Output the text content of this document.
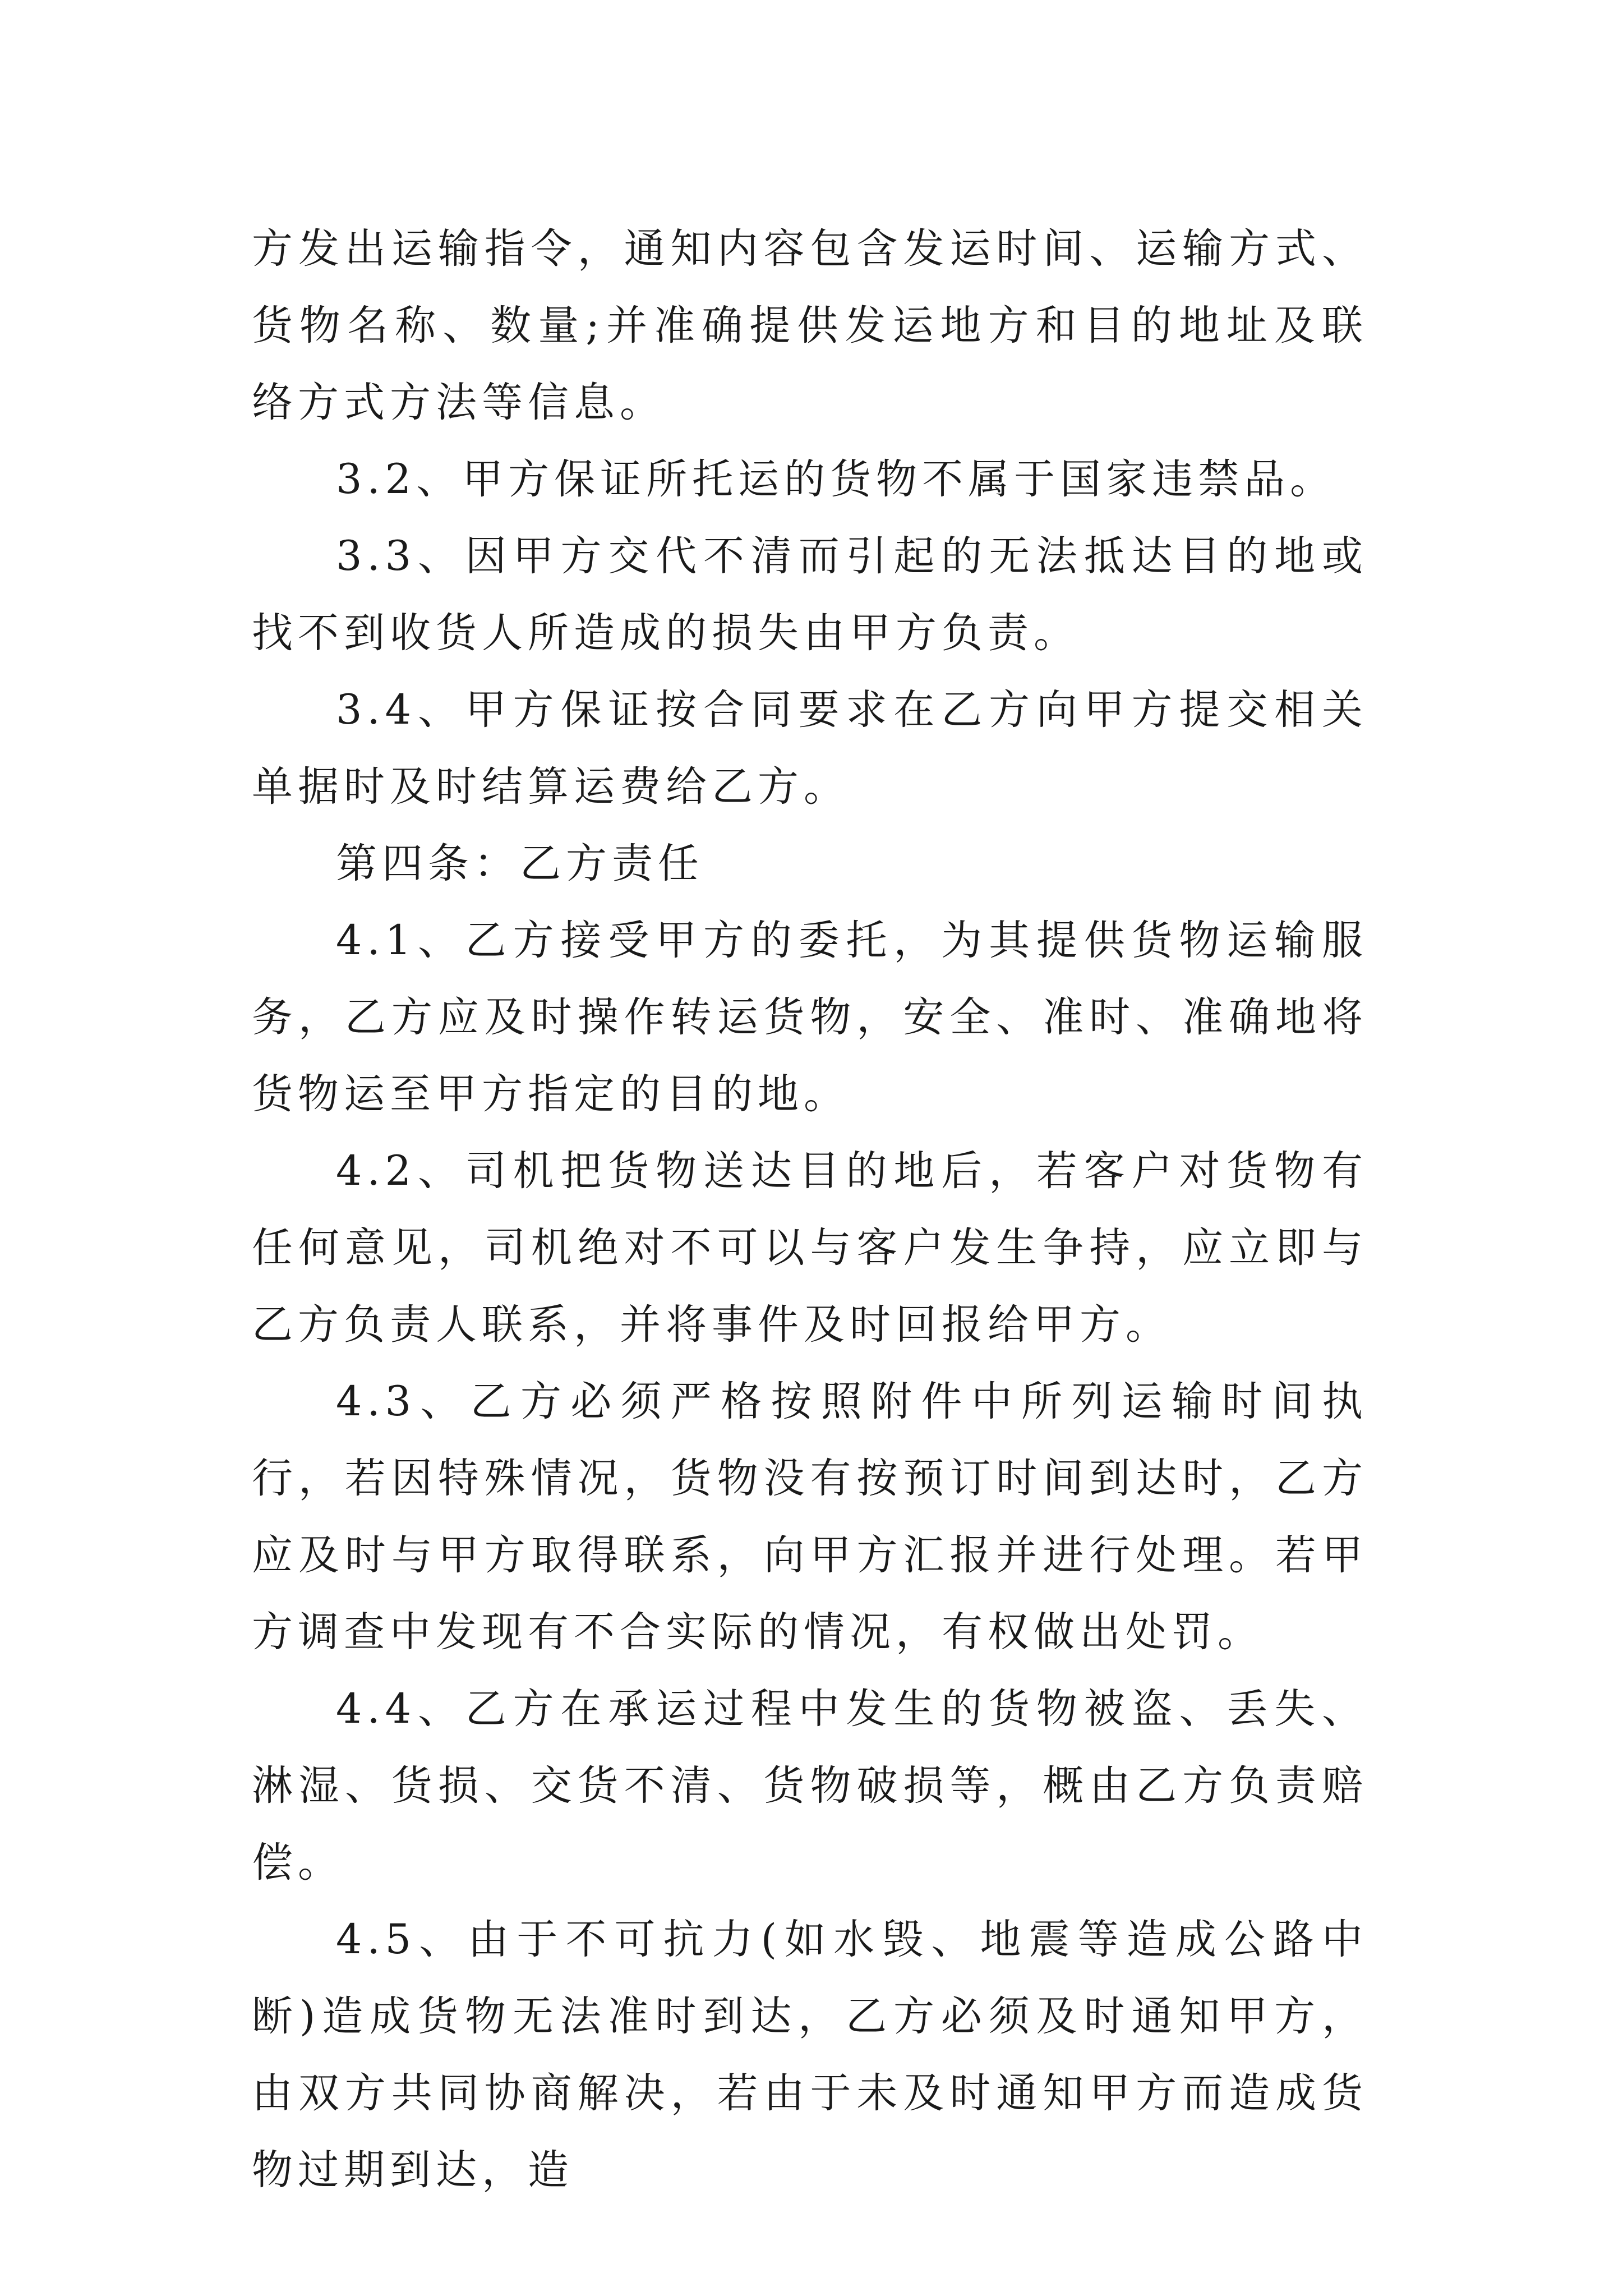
方发出运输指令，通知内容包含发运时间、运输方式、货物名称、数量;并准确提供发运地方和目的地址及联络方式方法等信息。

3.2、甲方保证所托运的货物不属于国家违禁品。

3.3、因甲方交代不清而引起的无法抵达目的地或找不到收货人所造成的损失由甲方负责。

3.4、甲方保证按合同要求在乙方向甲方提交相关单据时及时结算运费给乙方。

第四条：乙方责任

4.1、乙方接受甲方的委托，为其提供货物运输服务，乙方应及时操作转运货物，安全、准时、准确地将货物运至甲方指定的目的地。

4.2、司机把货物送达目的地后，若客户对货物有任何意见，司机绝对不可以与客户发生争持，应立即与乙方负责人联系，并将事件及时回报给甲方。

4.3、乙方必须严格按照附件中所列运输时间执行，若因特殊情况，货物没有按预订时间到达时，乙方应及时与甲方取得联系，向甲方汇报并进行处理。若甲方调查中发现有不合实际的情况，有权做出处罚。

4.4、乙方在承运过程中发生的货物被盗、丢失、淋湿、货损、交货不清、货物破损等，概由乙方负责赔偿。

4.5、由于不可抗力(如水毁、地震等造成公路中断)造成货物无法准时到达，乙方必须及时通知甲方，由双方共同协商解决，若由于未及时通知甲方而造成货物过期到达，造
